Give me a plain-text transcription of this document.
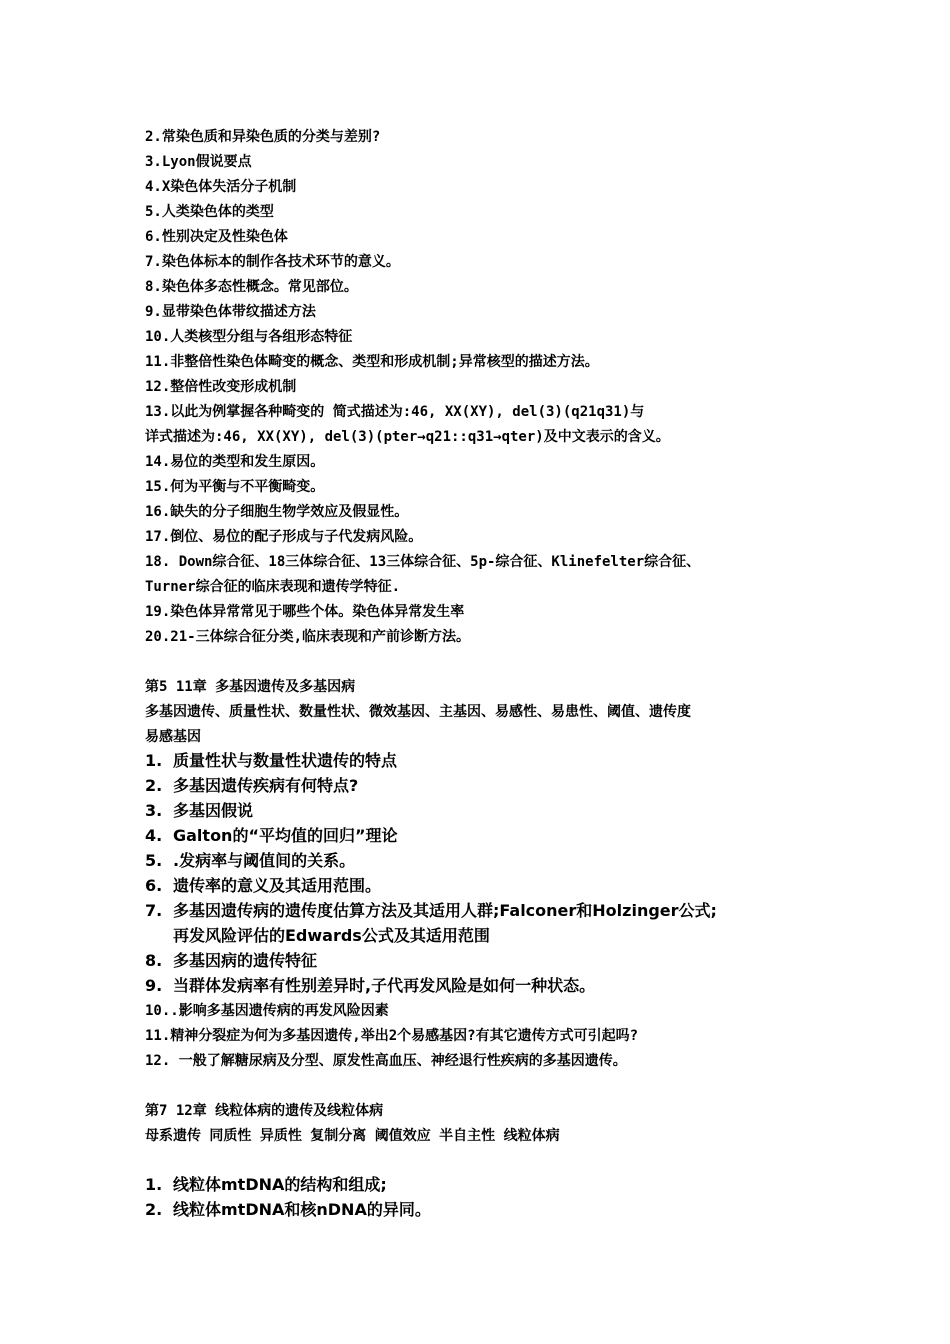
2.常染色质和异染色质的分类与差别?
3.Lyon假说要点
4.X染色体失活分子机制
5.人类染色体的类型
6.性别决定及性染色体
7.染色体标本的制作各技术环节的意义。
8.染色体多态性概念。常见部位。
9.显带染色体带纹描述方法
10.人类核型分组与各组形态特征
11.非整倍性染色体畸变的概念、类型和形成机制;异常核型的描述方法。
12.整倍性改变形成机制
13.以此为例掌握各种畸变的 简式描述为:46, XX(XY), del(3)(q21q31)与
详式描述为:46, XX(XY), del(3)(pter→q21::q31→qter)及中文表示的含义。
14.易位的类型和发生原因。
15.何为平衡与不平衡畸变。
16.缺失的分子细胞生物学效应及假显性。
17.倒位、易位的配子形成与子代发病风险。
18. Down综合征、18三体综合征、13三体综合征、5p-综合征、Klinefelter综合征、
Turner综合征的临床表现和遗传学特征.
19.染色体异常常见于哪些个体。染色体异常发生率
20.21-三体综合征分类,临床表现和产前诊断方法。
第5 11章 多基因遗传及多基因病
多基因遗传、质量性状、数量性状、微效基因、主基因、易感性、易患性、阈值、遗传度
易感基因
1. 质量性状与数量性状遗传的特点
2. 多基因遗传疾病有何特点?
3. 多基因假说
4. Galton的“平均值的回归”理论
5. .发病率与阈值间的关系。
6. 遗传率的意义及其适用范围。
7. 多基因遗传病的遗传度估算方法及其适用人群;Falconer和Holzinger公式;
再发风险评估的Edwards公式及其适用范围
8. 多基因病的遗传特征
9. 当群体发病率有性别差异时,子代再发风险是如何一种状态。
10..影响多基因遗传病的再发风险因素
11.精神分裂症为何为多基因遗传,举出2个易感基因?有其它遗传方式可引起吗?
12. 一般了解糖尿病及分型、原发性高血压、神经退行性疾病的多基因遗传。
第7 12章 线粒体病的遗传及线粒体病
母系遗传 同质性 异质性 复制分离 阈值效应 半自主性 线粒体病
1. 线粒体mtDNA的结构和组成;
2. 线粒体mtDNA和核nDNA的异同。
